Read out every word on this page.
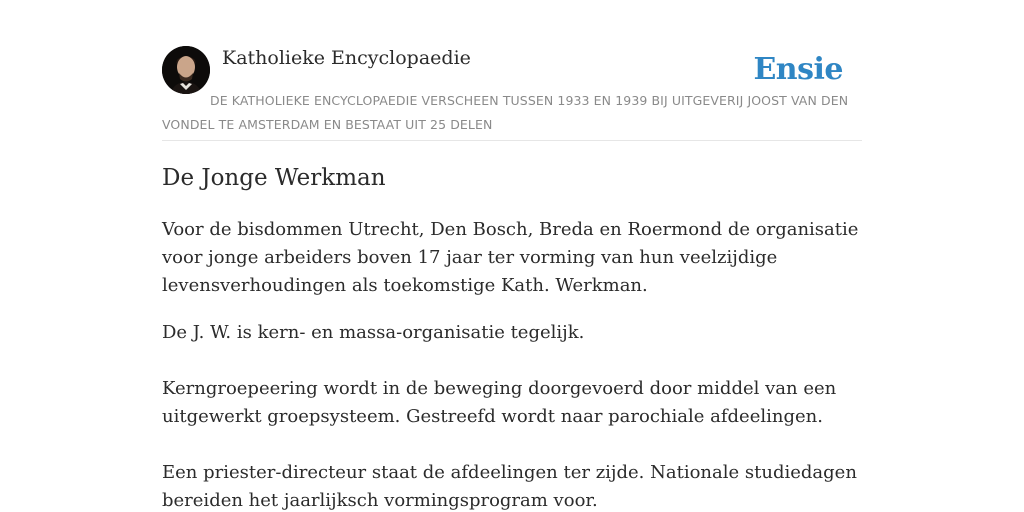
Katholieke Encyclopaedie	Ensie
DE KATHOLIEKE ENCYCLOPAEDIE VERSCHEEN TUSSEN 1933 EN 1939 BIJ UITGEVERIJ JOOST VAN DEN VONDEL TE AMSTERDAM EN BESTAAT UIT 25 DELEN
De Jonge Werkman

Voor de bisdommen Utrecht, Den Bosch, Breda en Roermond de organisatie voor jonge arbeiders boven 17 jaar ter vorming van hun veelzijdige levensverhoudingen als toekomstige Kath. Werkman.

De J. W. is kern- en massa-organisatie tegelijk.

Kerngroepeering wordt in de beweging doorgevoerd door middel van een uitgewerkt groepsysteem. Gestreefd wordt naar parochiale afdeelingen.

Een priester-directeur staat de afdeelingen ter zijde. Nationale studiedagen bereiden het jaarlijksch vormingsprogram voor.
